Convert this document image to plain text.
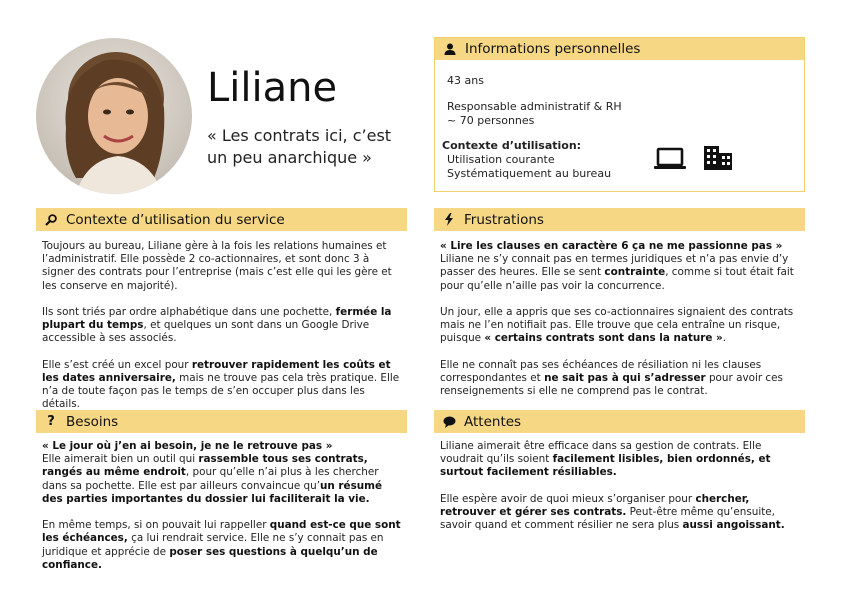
Liliane
« Les contrats ici, c’est un peu anarchique »
Informations personnelles
43 ans
Responsable administratif & RH
~ 70 personnes
Contexte d’utilisation:
Utilisation courante
Systématiquement au bureau
Contexte d’utilisation du service

Toujours au bureau, Liliane gère à la fois les relations humaines et l’administratif. Elle possède 2 co-actionnaires, et sont donc 3 à signer des contrats pour l’entreprise (mais c’est elle qui les gère et les conserve en majorité).

Ils sont triés par ordre alphabétique dans une pochette, fermée la plupart du temps, et quelques un sont dans un Google Drive accessible à ses associés.

Elle s’est créé un excel pour retrouver rapidement les coûts et les dates anniversaire, mais ne trouve pas cela très pratique. Elle n’a de toute façon pas le temps de s’en occuper plus dans les détails.

Frustrations

« Lire les clauses en caractère 6 ça ne me passionne pas »
Liliane ne s’y connait pas en termes juridiques et n’a pas envie d’y passer des heures. Elle se sent contrainte, comme si tout était fait pour qu’elle n’aille pas voir la concurrence.

Un jour, elle a appris que ses co-actionnaires signaient des contrats mais ne l’en notifiait pas. Elle trouve que cela entraîne un risque, puisque « certains contrats sont dans la nature ».

Elle ne connaît pas ses échéances de résiliation ni les clauses correspondantes et ne sait pas à qui s’adresser pour avoir ces renseignements si elle ne comprend pas le contrat.

? Besoins

« Le jour où j’en ai besoin, je ne le retrouve pas »
Elle aimerait bien un outil qui rassemble tous ses contrats, rangés au même endroit, pour qu’elle n’ai plus à les chercher dans sa pochette. Elle est par ailleurs convaincue qu’un résumé des parties importantes du dossier lui faciliterait la vie.

En même temps, si on pouvait lui rappeller quand est-ce que sont les échéances, ça lui rendrait service. Elle ne s’y connait pas en juridique et apprécie de poser ses questions à quelqu’un de confiance.

Attentes

Liliane aimerait être efficace dans sa gestion de contrats. Elle voudrait qu’ils soient facilement lisibles, bien ordonnés, et surtout facilement résiliables.

Elle espère avoir de quoi mieux s’organiser pour chercher, retrouver et gérer ses contrats. Peut-être même qu’ensuite, savoir quand et comment résilier ne sera plus aussi angoissant.
